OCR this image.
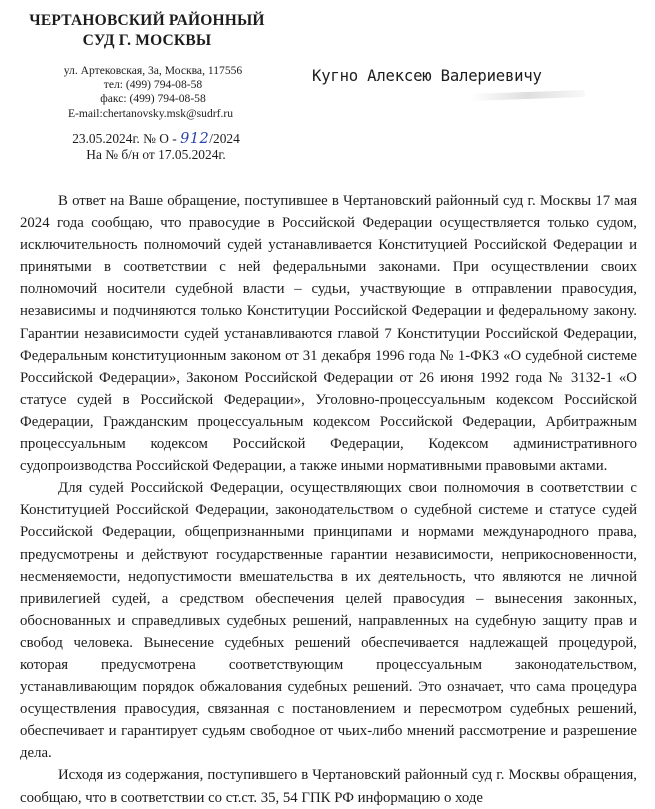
ЧЕРТАНОВСКИЙ РАЙОННЫЙ
СУД Г. МОСКВЫ
ул. Артековская, 3а, Москва, 117556
тел: (499) 794-08-58
факс: (499) 794-08-58
E-mail:chertanovsky.msk@sudrf.ru
23.05.2024г. № О - 912/2024
На № б/н от 17.05.2024г.
Кугно Алексею Валериевичу

В ответ на Ваше обращение, поступившее в Чертановский районный суд г. Москвы 17 мая 2024 года сообщаю, что правосудие в Российской Федерации осуществляется только судом, исключительность полномочий судей устанавливается Конституцией Российской Федерации и принятыми в соответствии с ней федеральными законами. При осуществлении своих полномочий носители судебной власти – судьи, участвующие в отправлении правосудия, независимы и подчиняются только Конституции Российской Федерации и федеральному закону. Гарантии независимости судей устанавливаются главой 7 Конституции Российской Федерации, Федеральным конституционным законом от 31 декабря 1996 года № 1-ФКЗ «О судебной системе Российской Федерации», Законом Российской Федерации от 26 июня 1992 года № 3132-1 «О статусе судей в Российской Федерации», Уголовно-процессуальным кодексом Российской Федерации, Гражданским процессуальным кодексом Российской Федерации, Арбитражным процессуальным кодексом Российской Федерации, Кодексом административного судопроизводства Российской Федерации, а также иными нормативными правовыми актами.

Для судей Российской Федерации, осуществляющих свои полномочия в соответствии с Конституцией Российской Федерации, законодательством о судебной системе и статусе судей Российской Федерации, общепризнанными принципами и нормами международного права, предусмотрены и действуют государственные гарантии независимости, неприкосновенности, несменяемости, недопустимости вмешательства в их деятельность, что являются не личной привилегией судей, а средством обеспечения целей правосудия – вынесения законных, обоснованных и справедливых судебных решений, направленных на судебную защиту прав и свобод человека. Вынесение судебных решений обеспечивается надлежащей процедурой, которая предусмотрена соответствующим процессуальным законодательством, устанавливающим порядок обжалования судебных решений. Это означает, что сама процедура осуществления правосудия, связанная с постановлением и пересмотром судебных решений, обеспечивает и гарантирует судьям свободное от чьих-либо мнений рассмотрение и разрешение дела.

Исходя из содержания, поступившего в Чертановский районный суд г. Москвы обращения, сообщаю, что в соответствии со ст.ст. 35, 54 ГПК РФ информацию о ходе
